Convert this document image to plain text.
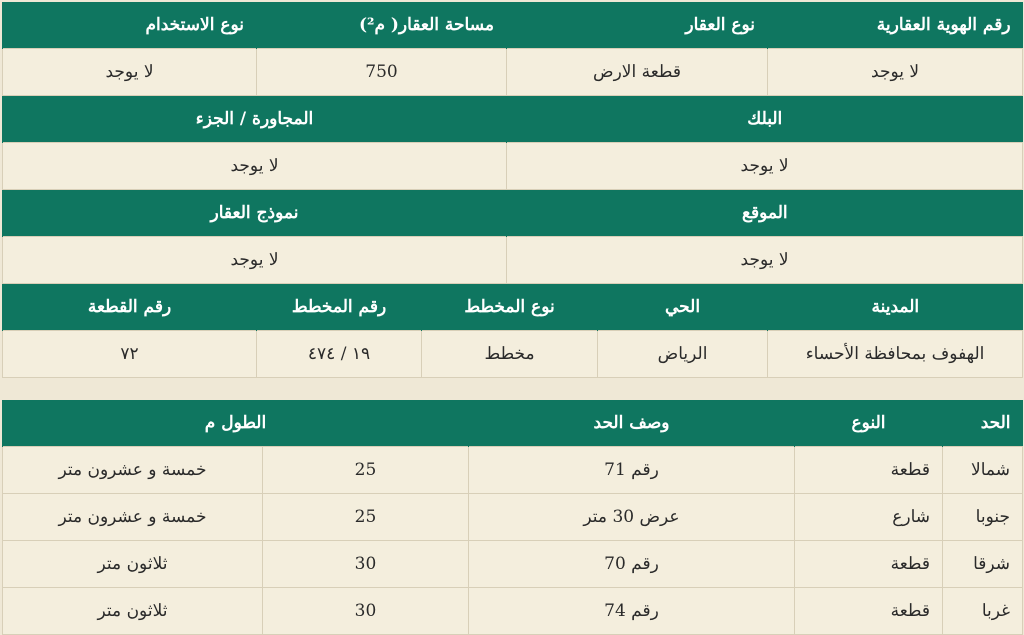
رقم الهوية العقارية	نوع العقار		مساحة العقار( م²)		نوع الاستخدام
لا يوجد	قطعة الارض		750		لا يوجد
البلك			المجاورة / الجزء		
لا يوجد			لا يوجد		
الموقع			نموذج العقار		
لا يوجد			لا يوجد		
المدينة	الحي	نوع المخطط		رقم المخطط	رقم القطعة
الهفوف بمحافظة الأحساء	الرياض	مخطط		١٩ / ٤٧٤	٧٢
الحد	النوع	وصف الحد	الطول م	
شمالا	قطعة	رقم 71	25	خمسة و عشرون متر
جنوبا	شارع	عرض 30 متر	25	خمسة و عشرون متر
شرقا	قطعة	رقم 70	30	ثلاثون متر
غربا	قطعة	رقم 74	30	ثلاثون متر
